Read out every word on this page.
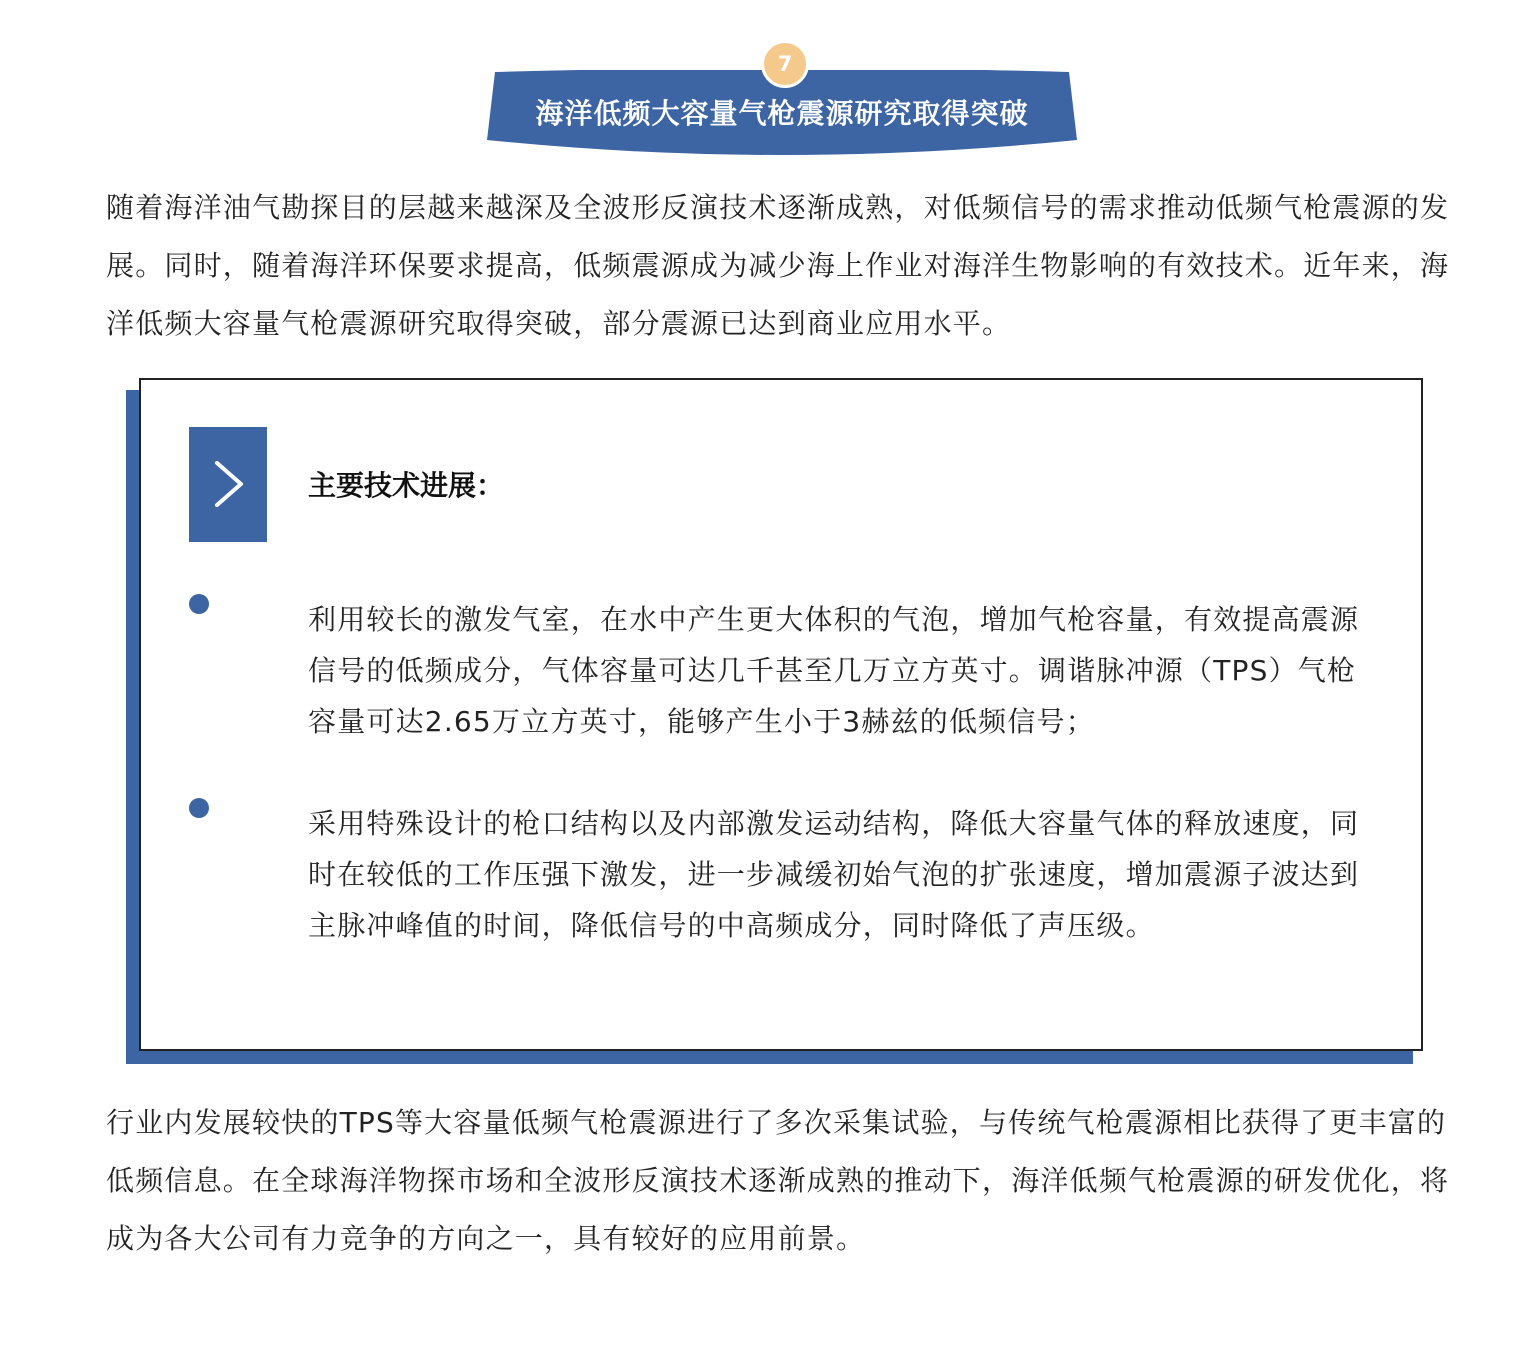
7
海洋低频大容量气枪震源研究取得突破

随着海洋油气勘探目的层越来越深及全波形反演技术逐渐成熟，对低频信号的需求推动低频气枪震源的发展。同时，随着海洋环保要求提高，低频震源成为减少海上作业对海洋生物影响的有效技术。近年来，海洋低频大容量气枪震源研究取得突破，部分震源已达到商业应用水平。

主要技术进展：

利用较长的激发气室，在水中产生更大体积的气泡，增加气枪容量，有效提高震源信号的低频成分，气体容量可达几千甚至几万立方英寸。调谐脉冲源（TPS）气枪容量可达2.65万立方英寸，能够产生小于3赫兹的低频信号；

采用特殊设计的枪口结构以及内部激发运动结构，降低大容量气体的释放速度，同时在较低的工作压强下激发，进一步减缓初始气泡的扩张速度，增加震源子波达到主脉冲峰值的时间，降低信号的中高频成分，同时降低了声压级。

行业内发展较快的TPS等大容量低频气枪震源进行了多次采集试验，与传统气枪震源相比获得了更丰富的低频信息。在全球海洋物探市场和全波形反演技术逐渐成熟的推动下，海洋低频气枪震源的研发优化，将成为各大公司有力竞争的方向之一，具有较好的应用前景。
